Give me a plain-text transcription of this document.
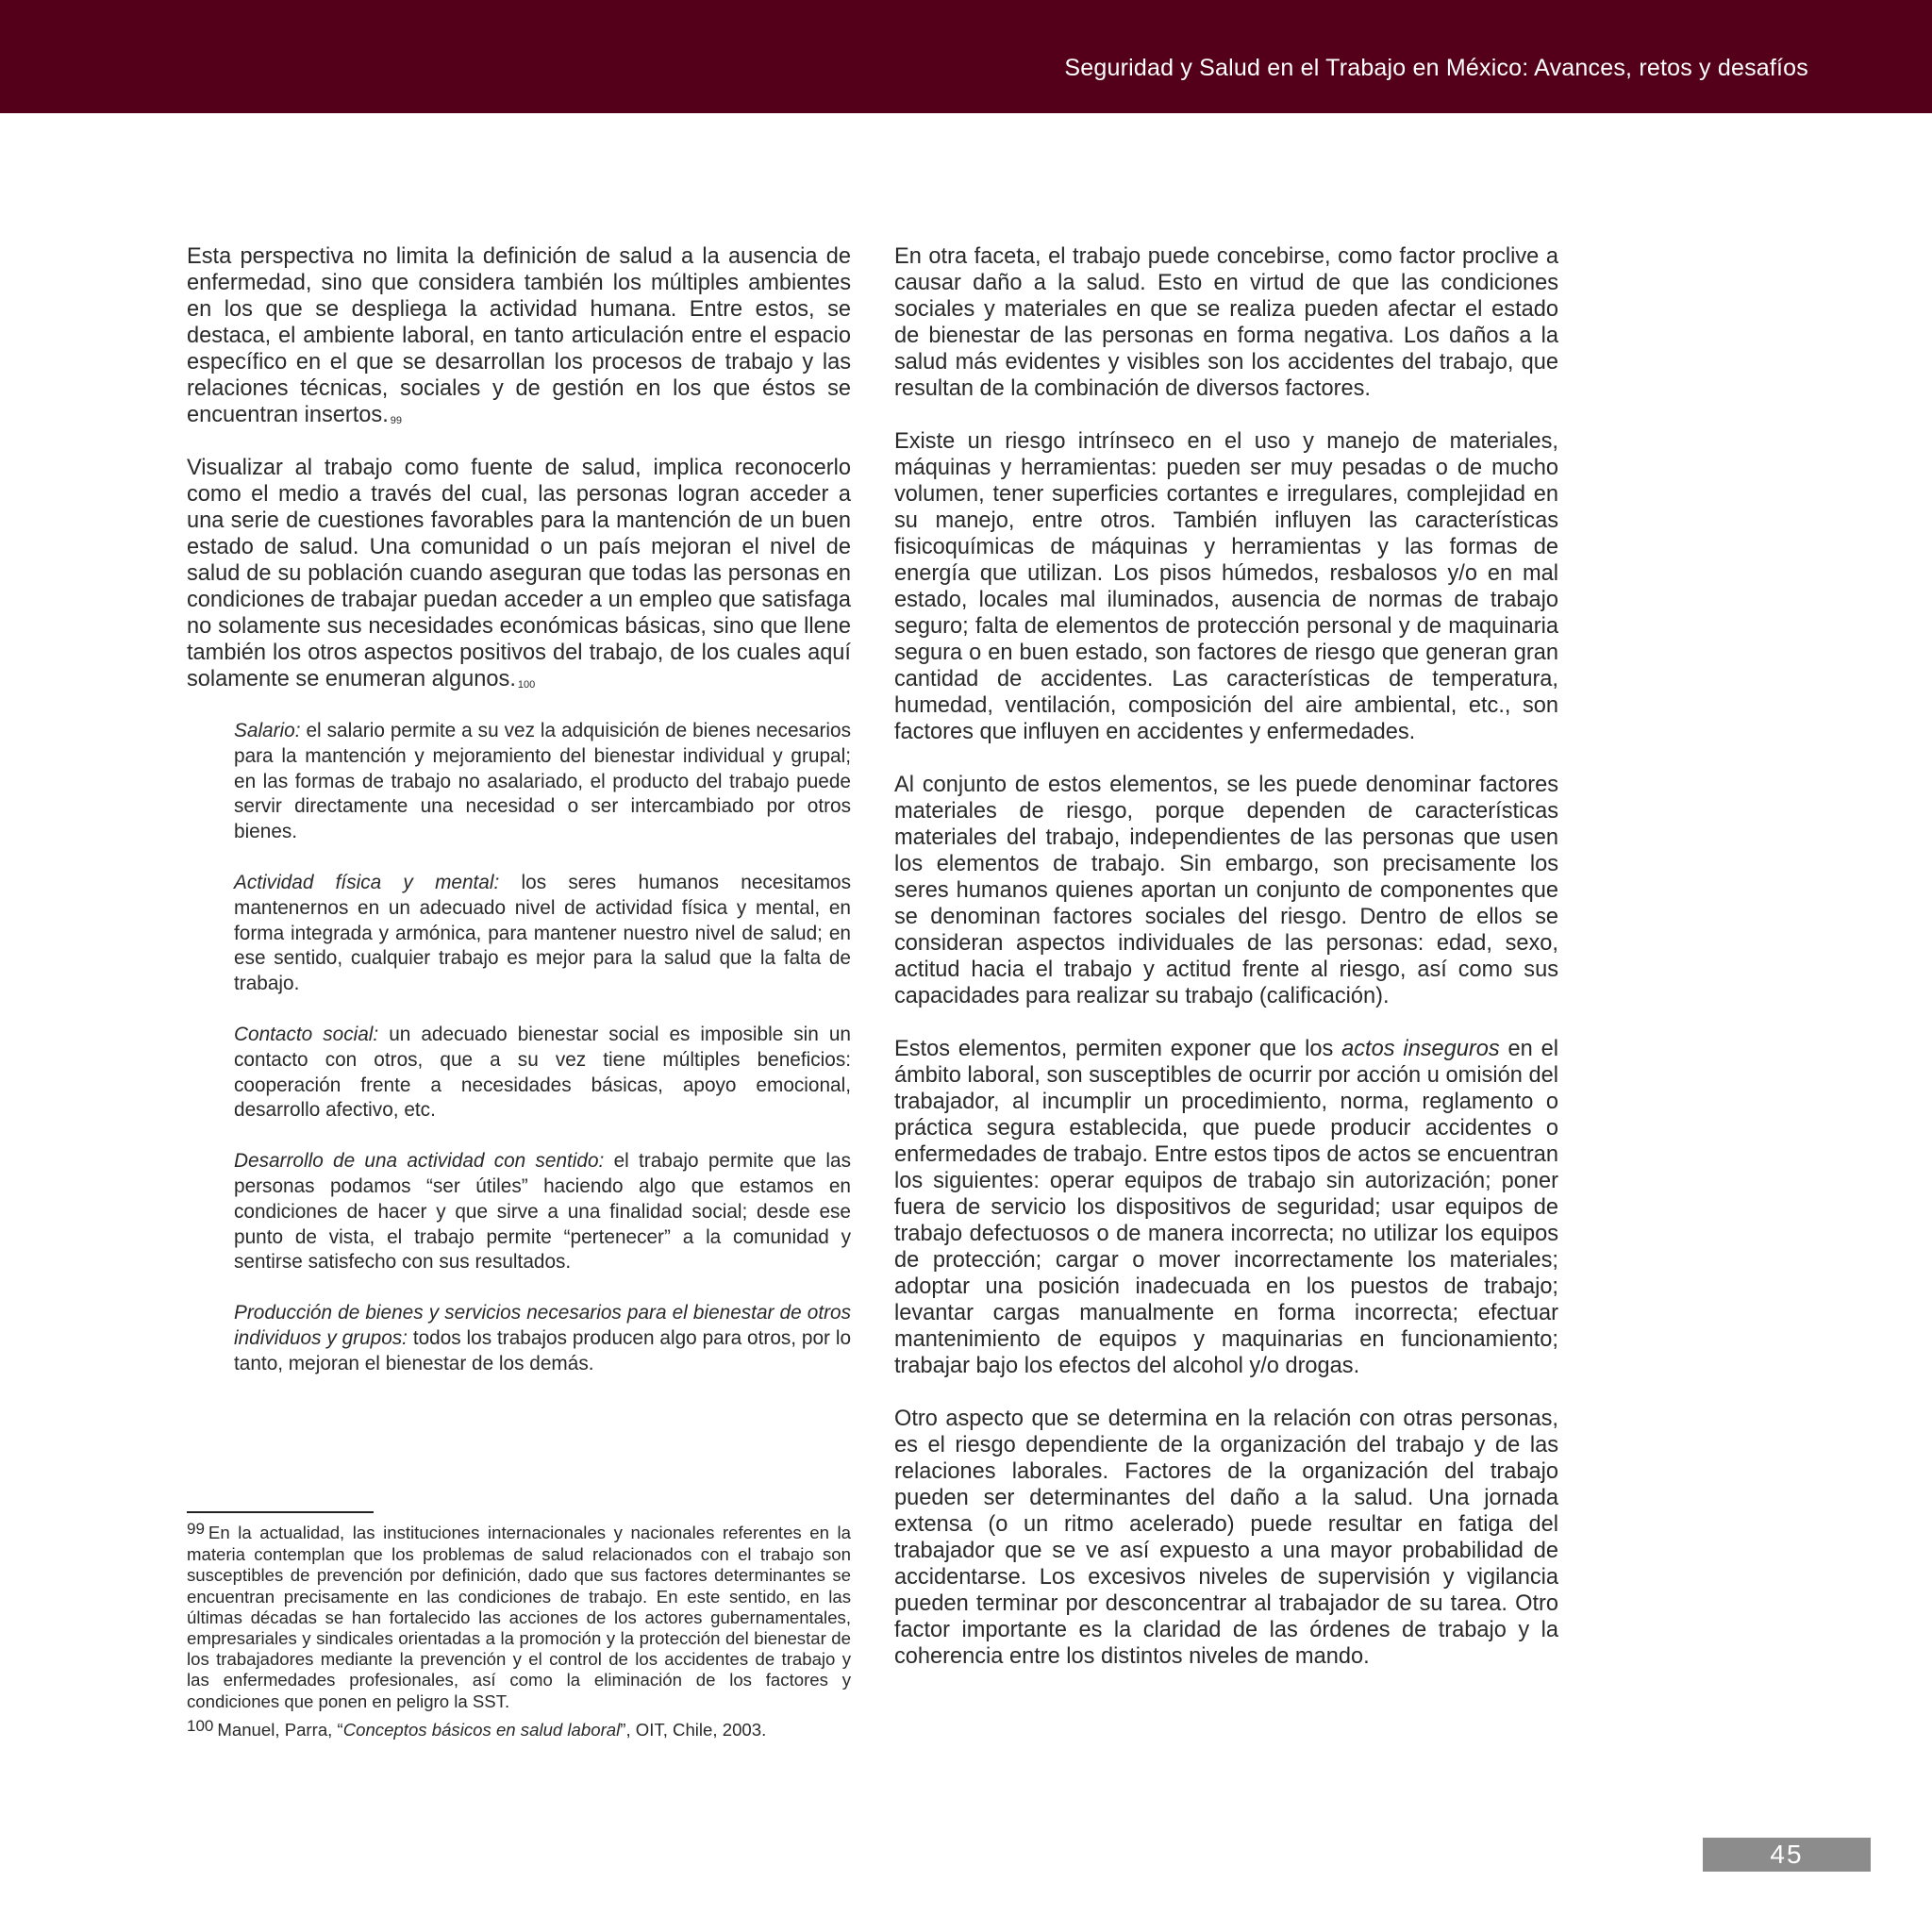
Seguridad y Salud en el Trabajo en México: Avances, retos y desafíos

Esta perspectiva no limita la definición de salud a la ausencia de enfermedad, sino que considera también los múltiples ambientes en los que se despliega la actividad humana. Entre estos, se destaca, el ambiente laboral, en tanto articulación entre el espacio específico en el que se desarrollan los procesos de trabajo y las relaciones técnicas, sociales y de gestión en los que éstos se encuentran insertos. $^{99}$

Visualizar al trabajo como fuente de salud, implica reconocerlo como el medio a través del cual, las personas logran acceder a una serie de cuestiones favorables para la mantención de un buen estado de salud. Una comunidad o un país mejoran el nivel de salud de su población cuando aseguran que todas las personas en condiciones de trabajar puedan acceder a un empleo que satisfaga no solamente sus necesidades económicas básicas, sino que llene también los otros aspectos positivos del trabajo, de los cuales aquí solamente se enumeran algunos. $^{100}$

Salario: el salario permite a su vez la adquisición de bienes necesarios para la mantención y mejoramiento del bienestar individual y grupal; en las formas de trabajo no asalariado, el producto del trabajo puede servir directamente una necesidad o ser intercambiado por otros bienes.

Actividad física y mental: los seres humanos necesitamos mantenernos en un adecuado nivel de actividad física y mental, en forma integrada y armónica, para mantener nuestro nivel de salud; en ese sentido, cualquier trabajo es mejor para la salud que la falta de trabajo.

Contacto social: un adecuado bienestar social es imposible sin un contacto con otros, que a su vez tiene múltiples beneficios: cooperación frente a necesidades básicas, apoyo emocional, desarrollo afectivo, etc.

Desarrollo de una actividad con sentido: el trabajo permite que las personas podamos “ser útiles” haciendo algo que estamos en condiciones de hacer y que sirve a una finalidad social; desde ese punto de vista, el trabajo permite “pertenecer” a la comunidad y sentirse satisfecho con sus resultados.

Producción de bienes y servicios necesarios para el bienestar de otros individuos y grupos: todos los trabajos producen algo para otros, por lo tanto, mejoran el bienestar de los demás.

99 En la actualidad, las instituciones internacionales y nacionales referentes en la materia contemplan que los problemas de salud relacionados con el trabajo son susceptibles de prevención por definición, dado que sus factores determinantes se encuentran precisamente en las condiciones de trabajo. En este sentido, en las últimas décadas se han fortalecido las acciones de los actores gubernamentales, empresariales y sindicales orientadas a la promoción y la protección del bienestar de los trabajadores mediante la prevención y el control de los accidentes de trabajo y las enfermedades profesionales, así como la eliminación de los factores y condiciones que ponen en peligro la SST.

100 Manuel, Parra, “Conceptos básicos en salud laboral”, OIT, Chile, 2003.

En otra faceta, el trabajo puede concebirse, como factor proclive a causar daño a la salud. Esto en virtud de que las condiciones sociales y materiales en que se realiza pueden afectar el estado de bienestar de las personas en forma negativa. Los daños a la salud más evidentes y visibles son los accidentes del trabajo, que resultan de la combinación de diversos factores.

Existe un riesgo intrínseco en el uso y manejo de materiales, máquinas y herramientas: pueden ser muy pesadas o de mucho volumen, tener superficies cortantes e irregulares, complejidad en su manejo, entre otros. También influyen las características fisicoquímicas de máquinas y herramientas y las formas de energía que utilizan. Los pisos húmedos, resbalosos y/o en mal estado, locales mal iluminados, ausencia de normas de trabajo seguro; falta de elementos de protección personal y de maquinaria segura o en buen estado, son factores de riesgo que generan gran cantidad de accidentes. Las características de temperatura, humedad, ventilación, composición del aire ambiental, etc., son factores que influyen en accidentes y enfermedades.

Al conjunto de estos elementos, se les puede denominar factores materiales de riesgo, porque dependen de características materiales del trabajo, independientes de las personas que usen los elementos de trabajo. Sin embargo, son precisamente los seres humanos quienes aportan un conjunto de componentes que se denominan factores sociales del riesgo. Dentro de ellos se consideran aspectos individuales de las personas: edad, sexo, actitud hacia el trabajo y actitud frente al riesgo, así como sus capacidades para realizar su trabajo (calificación).

Estos elementos, permiten exponer que los actos inseguros en el ámbito laboral, son susceptibles de ocurrir por acción u omisión del trabajador, al incumplir un procedimiento, norma, reglamento o práctica segura establecida, que puede producir accidentes o enfermedades de trabajo. Entre estos tipos de actos se encuentran los siguientes: operar equipos de trabajo sin autorización; poner fuera de servicio los dispositivos de seguridad; usar equipos de trabajo defectuosos o de manera incorrecta; no utilizar los equipos de protección; cargar o mover incorrectamente los materiales; adoptar una posición inadecuada en los puestos de trabajo; levantar cargas manualmente en forma incorrecta; efectuar mantenimiento de equipos y maquinarias en funcionamiento; trabajar bajo los efectos del alcohol y/o drogas.

Otro aspecto que se determina en la relación con otras personas, es el riesgo dependiente de la organización del trabajo y de las relaciones laborales. Factores de la organización del trabajo pueden ser determinantes del daño a la salud. Una jornada extensa (o un ritmo acelerado) puede resultar en fatiga del trabajador que se ve así expuesto a una mayor probabilidad de accidentarse. Los excesivos niveles de supervisión y vigilancia pueden terminar por desconcentrar al trabajador de su tarea. Otro factor importante es la claridad de las órdenes de trabajo y la coherencia entre los distintos niveles de mando.

45
